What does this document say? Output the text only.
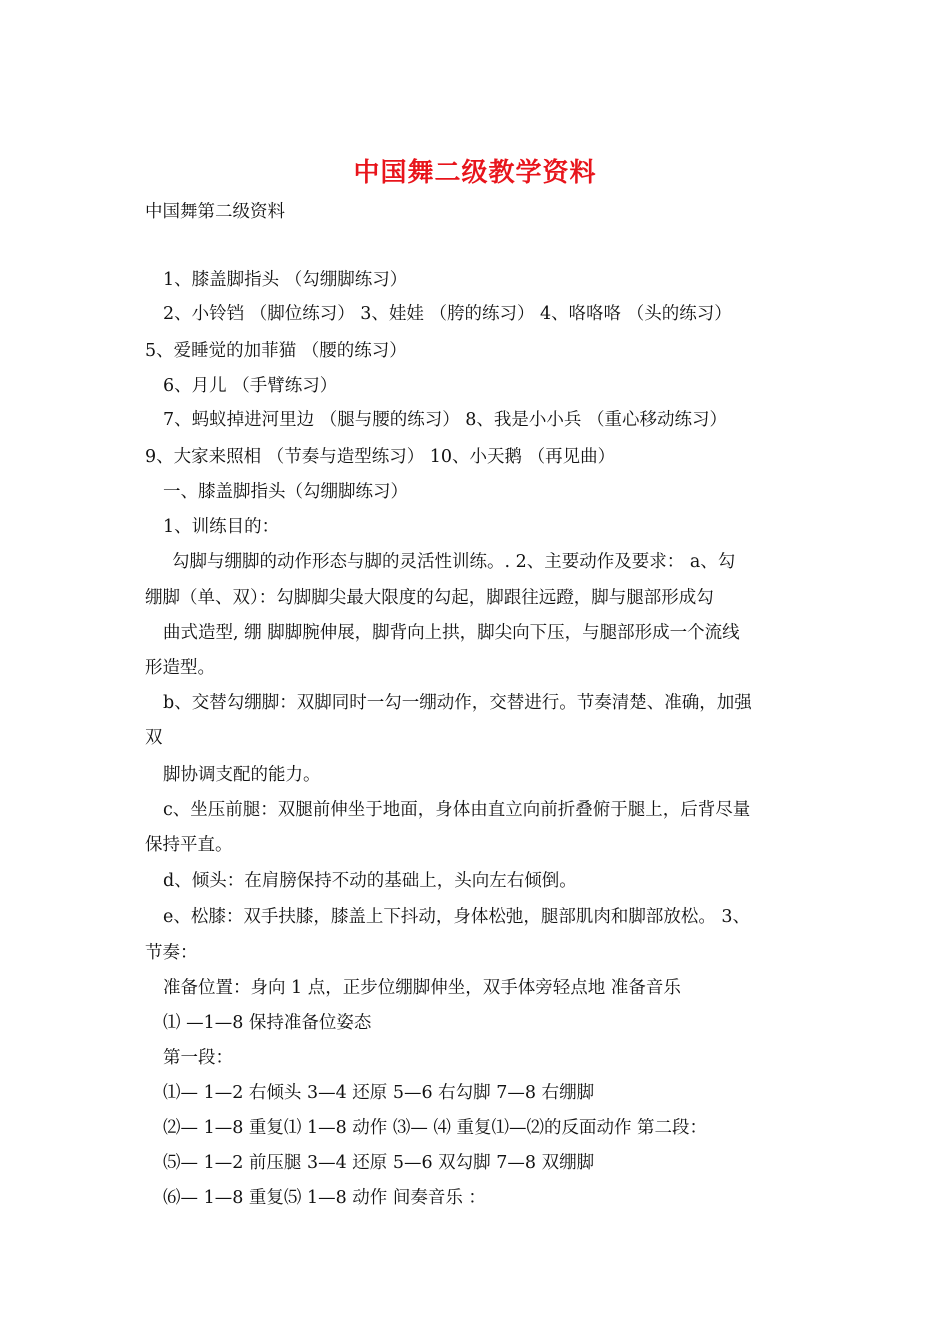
中国舞二级教学资料
中国舞第二级资料
1、膝盖脚指头 （勾绷脚练习）
2、小铃铛 （脚位练习） 3、娃娃 （胯的练习） 4、咯咯咯 （头的练习）
5、爱睡觉的加菲猫 （腰的练习）
6、月儿 （手臂练习）
7、蚂蚁掉进河里边 （腿与腰的练习） 8、我是小小兵 （重心移动练习）
9、大家来照相 （节奏与造型练习） 10、小天鹅 （再见曲）
一、膝盖脚指头（勾绷脚练习）
1、训练目的：
勾脚与绷脚的动作形态与脚的灵活性训练。. 2、主要动作及要求： a、勾
绷脚（单、双）：勾脚脚尖最大限度的勾起，脚跟往远蹬，脚与腿部形成勾
曲式造型, 绷 脚脚腕伸展，脚背向上拱，脚尖向下压，与腿部形成一个流线
形造型。
b、交替勾绷脚：双脚同时一勾一绷动作，交替进行。节奏清楚、准确，加强
双
脚协调支配的能力。
c、坐压前腿：双腿前伸坐于地面，身体由直立向前折叠俯于腿上，后背尽量
保持平直。
d、倾头：在肩膀保持不动的基础上，头向左右倾倒。
e、松膝：双手扶膝，膝盖上下抖动，身体松弛，腿部肌肉和脚部放松。 3、
节奏：
准备位置：身向 1 点，正步位绷脚伸坐，双手体旁轻点地 准备音乐
⑴ —1—8 保持准备位姿态
第一段：
⑴— 1—2 右倾头 3—4 还原 5—6 右勾脚 7—8 右绷脚
⑵— 1—8 重复⑴ 1—8 动作 ⑶— ⑷ 重复⑴—⑵的反面动作 第二段：
⑸— 1—2 前压腿 3—4 还原 5—6 双勾脚 7—8 双绷脚
⑹— 1—8 重复⑸ 1—8 动作 间奏音乐 ：
